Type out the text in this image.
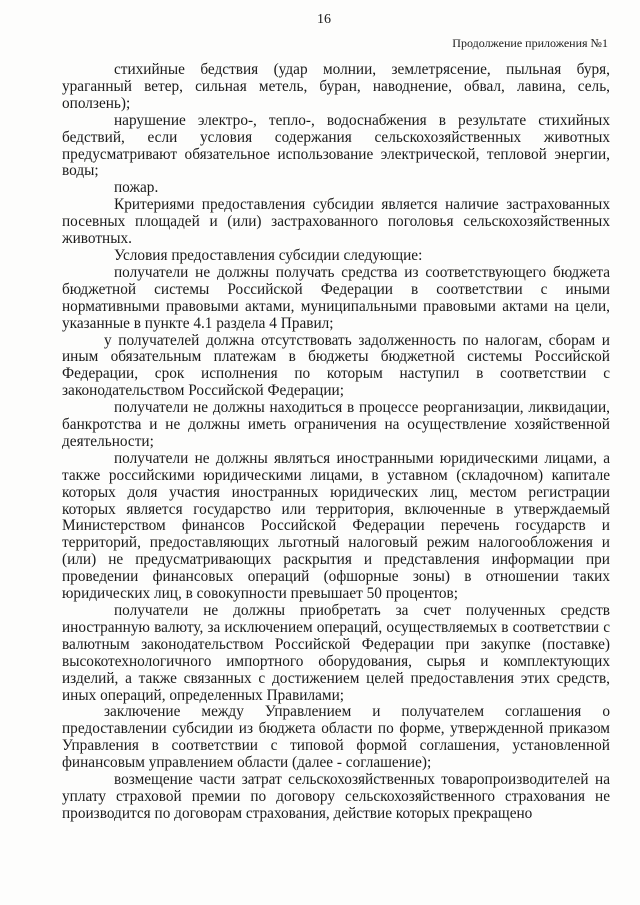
16
Продолжение приложения №1

стихийные бедствия (удар молнии, землетрясение, пыльная буря, ураганный ветер, сильная метель, буран, наводнение, обвал, лавина, сель, оползень);

нарушение электро-, тепло-, водоснабжения в результате стихийных бедствий, если условия содержания сельскохозяйственных животных предусматривают обязательное использование электрической, тепловой энергии, воды;

пожар.

Критериями предоставления субсидии является наличие застрахованных посевных площадей и (или) застрахованного поголовья сельскохозяйственных животных.

Условия предоставления субсидии следующие:

получатели не должны получать средства из соответствующего бюджета бюджетной системы Российской Федерации в соответствии с иными нормативными правовыми актами, муниципальными правовыми актами на цели, указанные в пункте 4.1 раздела 4 Правил;

у получателей должна отсутствовать задолженность по налогам, сборам и иным обязательным платежам в бюджеты бюджетной системы Российской Федерации, срок исполнения по которым наступил в соответствии с законодательством Российской Федерации;

получатели не должны находиться в процессе реорганизации, ликвидации, банкротства и не должны иметь ограничения на осуществление хозяйственной деятельности;

получатели не должны являться иностранными юридическими лицами, а также российскими юридическими лицами, в уставном (складочном) капитале которых доля участия иностранных юридических лиц, местом регистрации которых является государство или территория, включенные в утверждаемый Министерством финансов Российской Федерации перечень государств и территорий, предоставляющих льготный налоговый режим налогообложения и (или) не предусматривающих раскрытия и представления информации при проведении финансовых операций (офшорные зоны) в отношении таких юридических лиц, в совокупности превышает 50 процентов;

получатели не должны приобретать за счет полученных средств иностранную валюту, за исключением операций, осуществляемых в соответствии с валютным законодательством Российской Федерации при закупке (поставке) высокотехнологичного импортного оборудования, сырья и комплектующих изделий, а также связанных с достижением целей предоставления этих средств, иных операций, определенных Правилами;

заключение между Управлением и получателем соглашения о предоставлении субсидии из бюджета области по форме, утвержденной приказом Управления в соответствии с типовой формой соглашения, установленной финансовым управлением области (далее - соглашение);

возмещение части затрат сельскохозяйственных товаропроизводителей на уплату страховой премии по договору сельскохозяйственного страхования не производится по договорам страхования, действие которых прекращено
